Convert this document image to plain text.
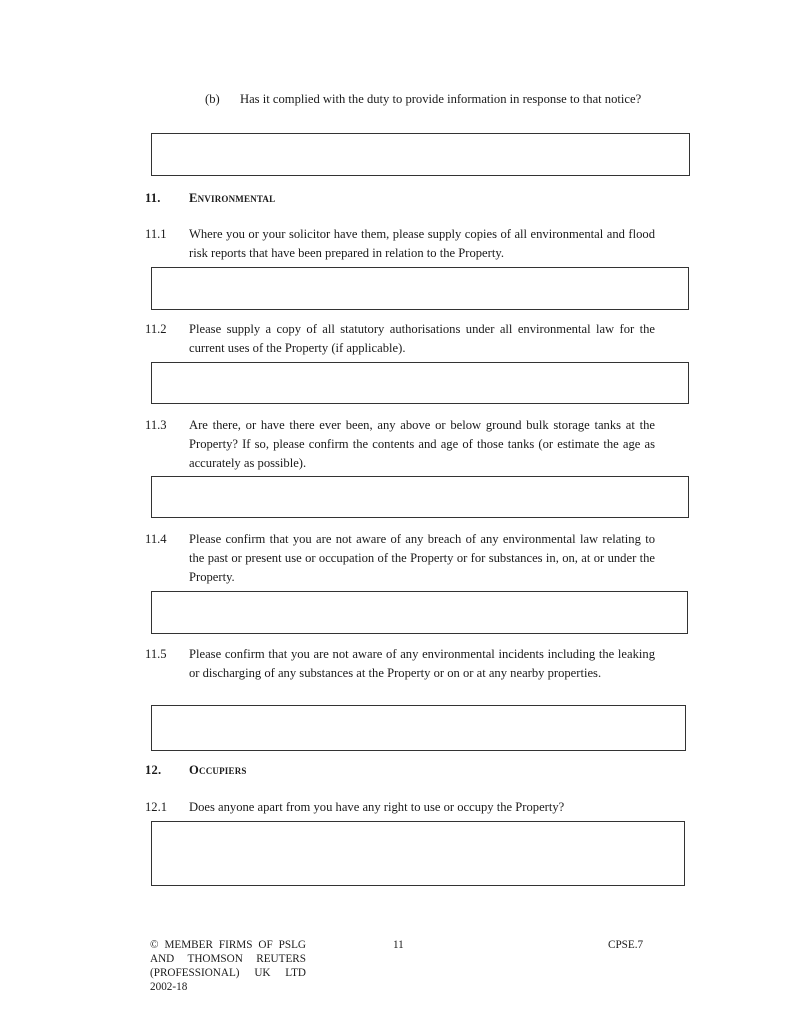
(b) Has it complied with the duty to provide information in response to that notice?
11. Environmental
11.1 Where you or your solicitor have them, please supply copies of all environmental and flood risk reports that have been prepared in relation to the Property.
11.2 Please supply a copy of all statutory authorisations under all environmental law for the current uses of the Property (if applicable).
11.3 Are there, or have there ever been, any above or below ground bulk storage tanks at the Property? If so, please confirm the contents and age of those tanks (or estimate the age as accurately as possible).
11.4 Please confirm that you are not aware of any breach of any environmental law relating to the past or present use or occupation of the Property or for substances in, on, at or under the Property.
11.5 Please confirm that you are not aware of any environmental incidents including the leaking or discharging of any substances at the Property or on or at any nearby properties.
12. Occupiers
12.1 Does anyone apart from you have any right to use or occupy the Property?
© MEMBER FIRMS OF PSLG
AND THOMSON REUTERS
(PROFESSIONAL) UK LTD
2002-18
11	CPSE.7
